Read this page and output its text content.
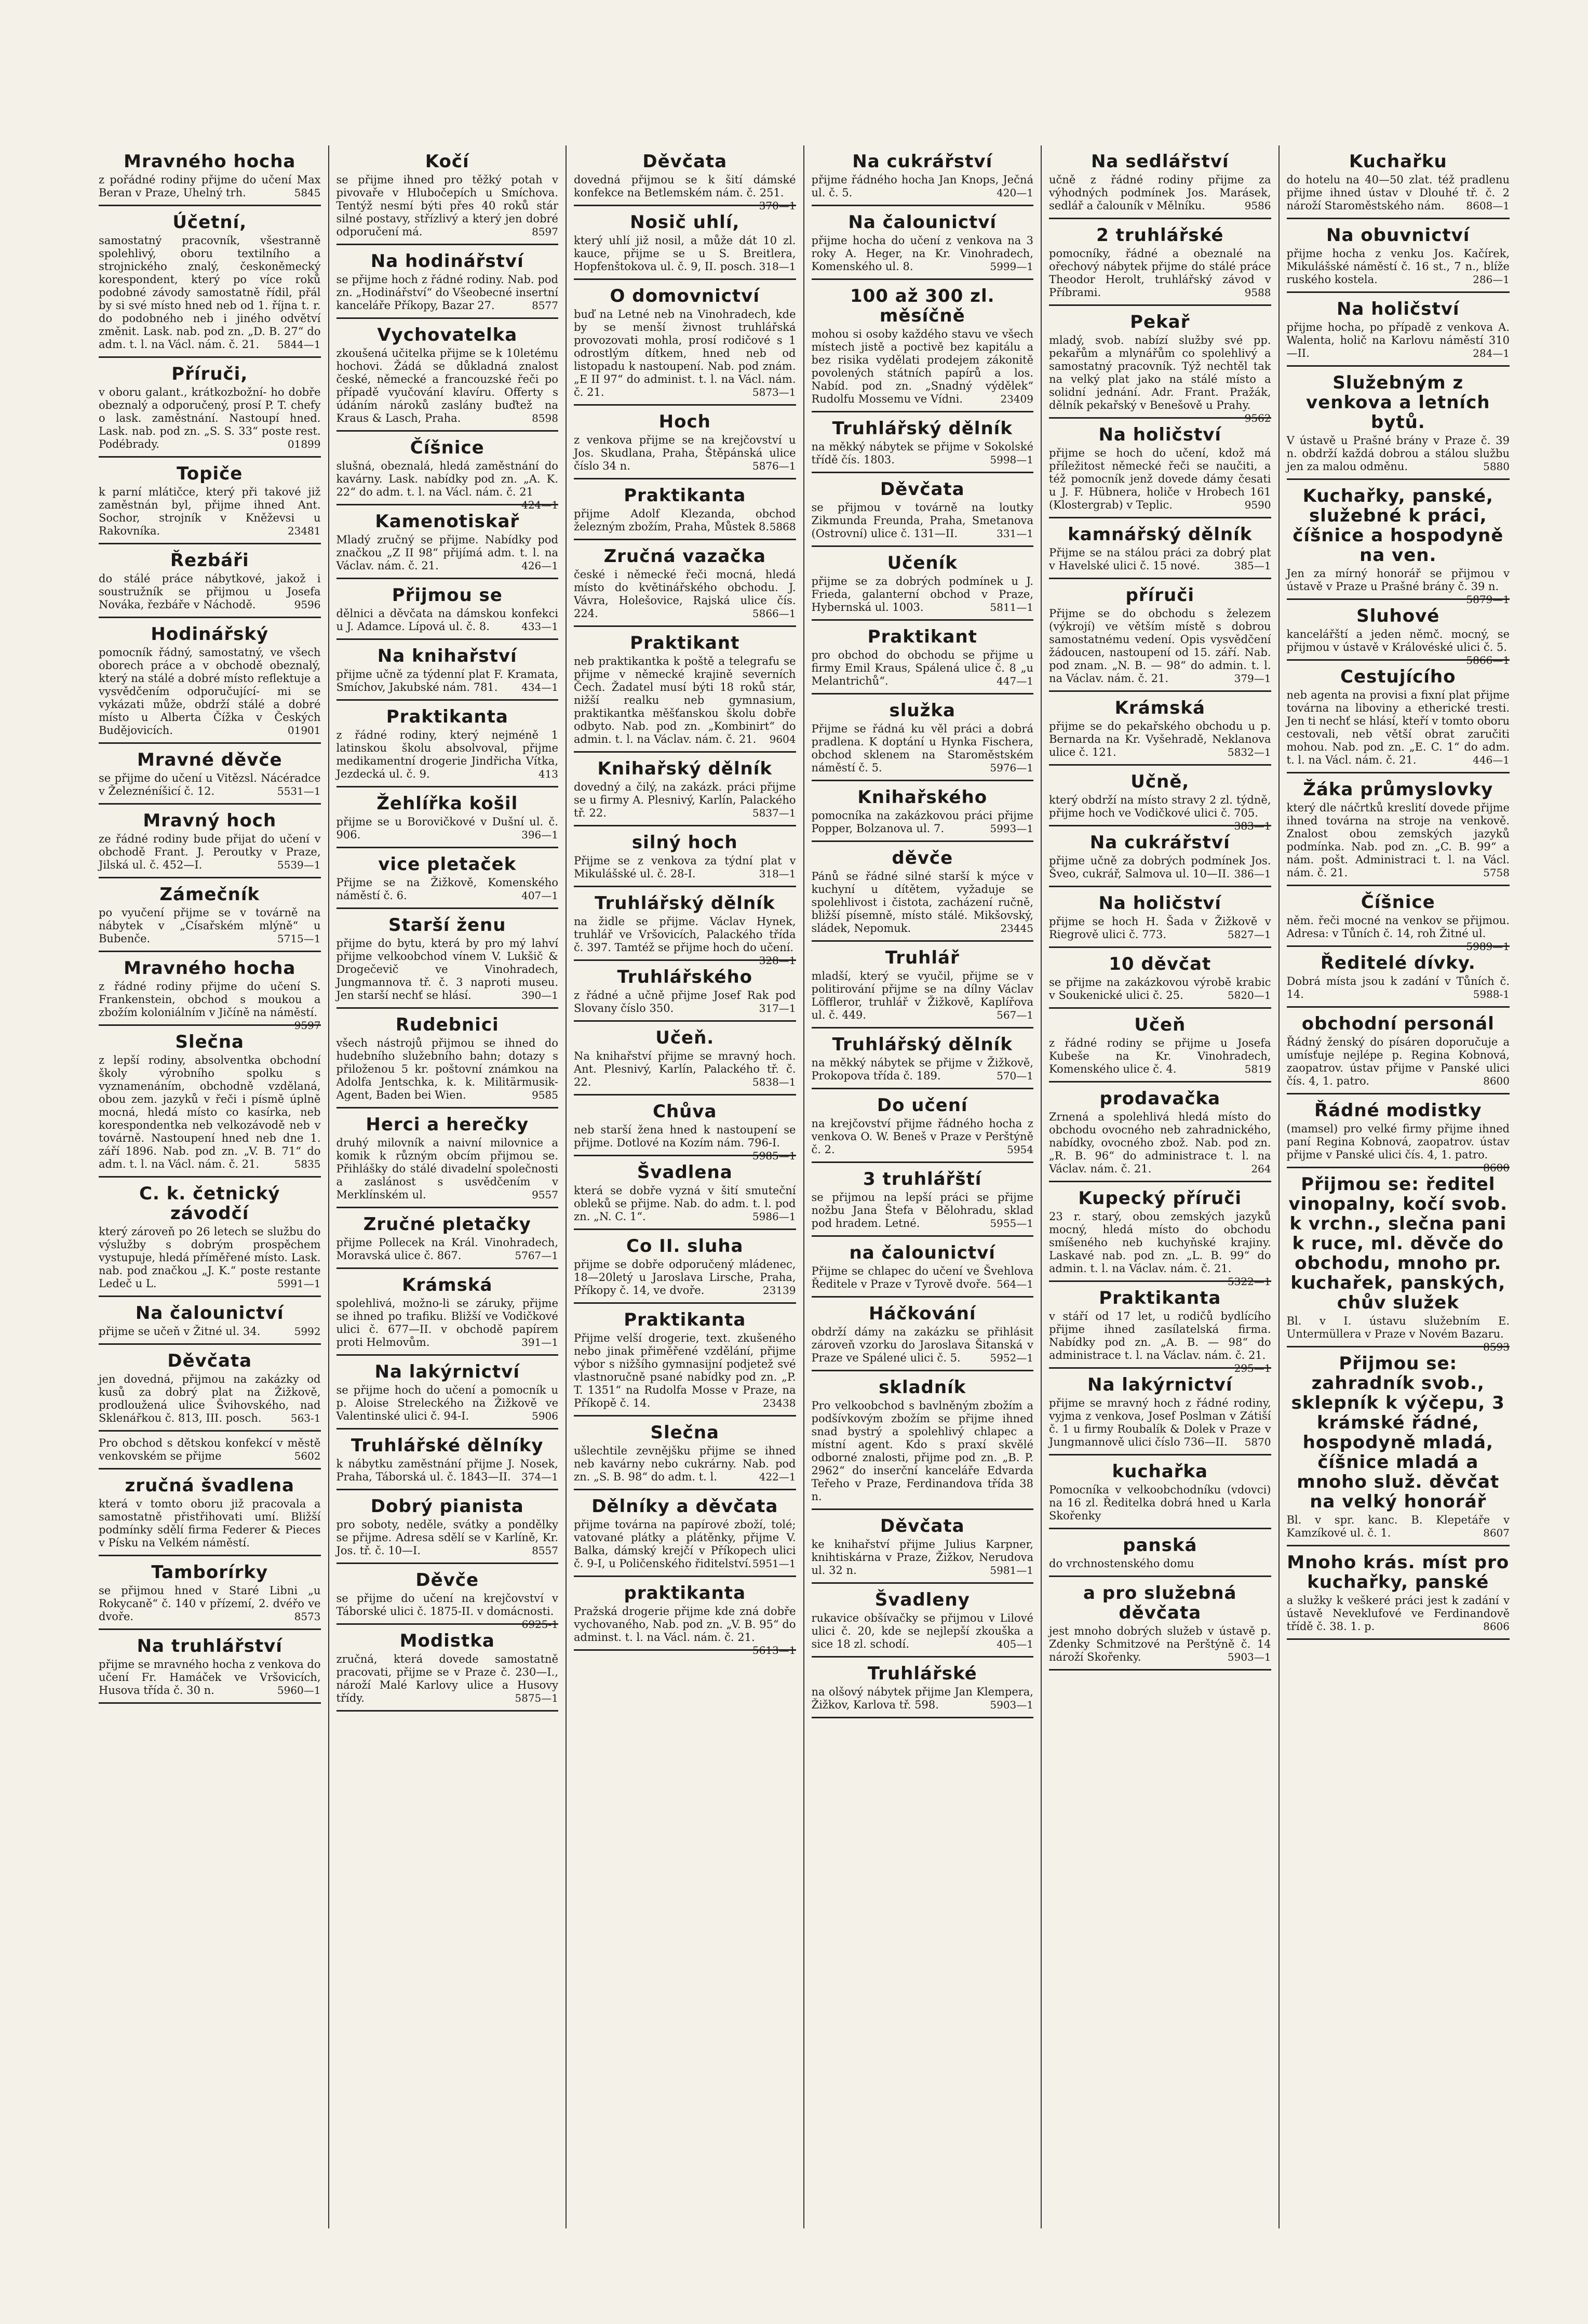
Mravného hocha

z pořádné rodiny přijme do učení Max Beran v Praze, Uhelný trh.	5845

Účetní,

samostatný pracovník, všestranně spolehlivý, oboru textilního a strojnického znalý, českoněmecký korespondent, který po více roků podobné závody samostatně řídil, přál by si své místo hned neb od 1. října t. r. do podobného neb i jiného odvětví změnit. Lask. nab. pod zn. „D. B. 27“ do adm. t. l. na Václ. nám. č. 21. 5844—1

Příruči,

v oboru galant., krátkozbožní- ho dobře obeznalý a odporučený, prosí P. T. chefy o lask. zaměstnání. Nastoupí hned. Lask. nab. pod zn. „S. S. 33“ poste rest. Podébrady.	01899

Topiče

k parní mlátičce, který při takové již zaměstnán byl, přijme ihned Ant. Sochor, strojník v Kněževsi u Rakovníka.	23481

Řezbáři

do stálé práce nábytkové, jakož i soustružník se přijmou u Josefa Nováka, řezbáře v Náchodě.	9596

Hodinářský

pomocník řádný, samostatný, ve všech oborech práce a v obchodě obeznalý, který na stálé a dobré místo reflektuje a vysvědčením odporučující- mi se vykázati může, obdrží stálé a dobré místo u Alberta Čížka v Českých Budějovicích.	01901

Mravné děvče

se přijme do učení u Vitězsl. Nácéradce v Železnéníšicí č. 12.	5531—1

Mravný hoch

ze řádné rodiny bude přijat do učení v obchodě Frant. J. Peroutky v Praze, Jilská ul. č. 452—I.	5539—1

Zámečník

po vyučení přijme se v továrně na nábytek v „Císařském mlýně“ u Bubenče.	5715—1

Mravného hocha

z řádné rodiny přijme do učení S. Frankenstein, obchod s moukou a zbožím koloniálním v Jičíně na náměstí.
9597

Slečna

z lepší rodiny, absolventka obchodní školy výrobního spolku s vyznamenáním, obchodně vzdělaná, obou zem. jazyků v řeči i písmě úplně mocná, hledá místo co kasírka, neb korespondentka neb velkozávodě neb v továrně. Nastoupení hned neb dne 1. září 1896. Nab. pod zn. „V. B. 71“ do adm. t. l. na Václ. nám. č. 21.	5835

C. k. četnický závodčí

který zároveň po 26 letech se službu do výslužby s dobrým prospěchem vystupuje, hledá příměřené místo. Lask. nab. pod značkou „J. K.“ poste restante Ledeč u L.	5991—1

Na čalounictví

přijme se učeň v Žitné ul. 34.	5992

Děvčata

jen dovedná, přijmou na zakázky od kusů za dobrý plat na Žižkově, prodloužená ulice Švihovského, nad Sklenářkou č. 813, III. posch.	563-1

Pro obchod s dětskou konfekcí v městě venkovském se přijme	5602

zručná švadlena

která v tomto oboru již pracovala a samostatně přistřihovati umí. Bližší podmínky sdělí firma Federer & Pieces v Písku na Velkém náměstí.

Tamborírky

se přijmou hned v Staré Libni „u Rokycaně“ č. 140 v přízemí, 2. dvéřo ve dvoře.	8573

Na truhlářství

přijme se mravného hocha z venkova do učení Fr. Hamáček ve Vršovicích, Husova třída č. 30 n.	5960—1

Kočí

se přijme ihned pro těžký potah v pivovaře v Hlubočepích u Smíchova. Tentýž nesmí býti přes 40 roků stár silné postavy, střízlivý a který jen dobré odporučení má.	8597

Na hodinářství

se přijme hoch z řádné rodiny. Nab. pod zn. „Hodinářství“ do Všeobecné insertní kanceláře Příkopy, Bazar 27.	8577

Vychovatelka

zkoušená učitelka přijme se k 10letému hochovi. Žádá se důkladná znalost české, německé a francouzské řeči po případě vyučování klavíru. Offerty s údáním nároků zaslány buďtež na Kraus & Lasch, Praha.	8598

Číšnice

slušná, obeznalá, hledá zaměstnání do kavárny. Lask. nabídky pod zn. „A. K. 22“ do adm. t. l. na Václ. nám. č. 21
424—1

Kamenotiskař

Mladý zručný se přijme. Nabídky pod značkou „Z II 98“ přijímá adm. t. l. na Václav. nám. č. 21.	426—1

Přijmou se

dělnici a děvčata na dámskou konfekci u J. Adamce. Lípová ul. č. 8.	433—1

Na knihařství

přijme učně za týdenní plat F. Kramata, Smíchov, Jakubské nám. 781. 434—1

Praktikanta

z řádné rodiny, který nejméně 1 latinskou školu absolvoval, přijme medikamentní drogerie Jindřicha Vítka, Jezdecká ul. č. 9.	413

Žehlířka košil

přijme se u Borovičkové v Dušní ul. č. 906.	396—1

vice pletaček

Přijme se na Žižkově, Komenského náměstí č. 6.	407—1

Starší ženu

přijme do bytu, která by pro mý lahví přijme velkoobchod vínem V. Lukšič & Drogečevič ve Vinohradech, Jungmannova tř. č. 3 naproti museu. Jen starší nechť se hlásí.	390—1

Rudebnici

všech nástrojů přijmou se ihned do hudebního služebního bahn; dotazy s přiloženou 5 kr. poštovní známkou na Adolfa Jentschka, k. k. Militärmusik-Agent, Baden bei Wien.	9585

Herci a herečky

druhý milovník a naivní milovnice a komik k různým obcím přijmou se. Přihlášky do stálé divadelní společnosti a zaslánost s usvědčením v Merklínském ul.	9557

Zručné pletačky

přijme Pollecek na Král. Vinohradech, Moravská ulice č. 867.	5767—1

Krámská

spolehlivá, možno-li se záruky, přijme se ihned po trafiku. Bližší ve Vodičkové ulici č. 677—II. v obchodě papírem proti Helmovům.	391—1

Na lakýrnictví

se přijme hoch do učení a pomocník u p. Aloise Streleckého na Žižkově ve Valentinské ulici č. 94-I.	5906

Truhlářské dělníky

k nábytku zaměstnání přijme J. Nosek, Praha, Táborská ul. č. 1843—II. 374—1

Dobrý pianista

pro soboty, neděle, svátky a pondělky se přijme. Adresa sdělí se v Karlíně, Kr. Jos. tř. č. 10—I.	8557

Děvče

se přijme do učení na krejčovství v Táborské ulici č. 1875-II. v domácnosti.
6925-1

Modistka

zručná, která dovede samostatně pracovati, přijme se v Praze č. 230—I., nároží Malé Karlovy ulice a Husovy třídy.	5875—1

Děvčata

dovedná přijmou se k šití dámské konfekce na Betlemském nám. č. 251.
370—1

Nosič uhlí,

který uhlí již nosil, a může dát 10 zl. kauce, přijme se u S. Breitlera, Hopfenštokova ul. č. 9, II. posch. 318—1

O domovnictví

buď na Letné neb na Vinohradech, kde by se menší živnost truhlářská provozovati mohla, prosí rodičové s 1 odrostlým dítkem, hned neb od listopadu k nastoupení. Nab. pod znám. „E II 97“ do administ. t. l. na Václ. nám. č. 21.	5873—1

Hoch

z venkova přijme se na krejčovství u Jos. Skudlana, Praha, Štěpánská ulice číslo 34 n.	5876—1

Praktikanta

přijme Adolf Klezanda, obchod železným zbožím, Praha, Můstek 8. 5868

Zručná vazačka

české i německé řeči mocná, hledá místo do květinářského obchodu. J. Vávra, Holešovice, Rajská ulice čís. 224.	5866—1

Praktikant

neb praktikantka k poště a telegrafu se přijme v německé krajině severních Čech. Žadatel musí býti 18 roků stár, nižší realku neb gymnasium, praktikantka měšťanskou školu dobře odbyto. Nab. pod zn. „Kombinirt“ do admin. t. l. na Václav. nám. č. 21. 9604

Knihařský dělník

dovedný a čilý, na zakázk. práci přijme se u firmy A. Plesnivý, Karlín, Palackého tř. 22.	5837—1

silný hoch

Přijme se z venkova za týdní plat v Mikulášské ul. č. 28-I.	318—1

Truhlářský dělník

na židle se přijme. Václav Hynek, truhlář ve Vršovicích, Palackého třída č. 397. Tamtéž se přijme hoch do učení.
328—1

Truhlářského

z řádné a učně přijme Josef Rak pod Slovany číslo 350.	317—1

Učeň.

Na knihařství přijme se mravný hoch. Ant. Plesnivý, Karlín, Palackého tř. č. 22.	5838—1

Chůva

neb starší žena hned k nastoupení se přijme. Dotlové na Kozím nám. 796-I.
5985—1

Švadlena

která se dobře vyzná v šití smuteční obleků se přijme. Nab. do adm. t. l. pod zn. „N. C. 1“.	5986—1

Co II. sluha

přijme se dobře odporučený mládenec, 18—20letý u Jaroslava Lirsche, Praha, Příkopy č. 14, ve dvoře.	23139

Praktikanta

Přijme velší drogerie, text. zkušeného nebo jinak přiměřené vzdělání, přijme výbor s nižšího gymnasijní podjetež své vlastnoručně psané nabídky pod zn. „P. T. 1351“ na Rudolfa Mosse v Praze, na Příkopě č. 14.	23438

Slečna

ušlechtile zevnějšku přijme se ihned neb kavárny nebo cukrárny. Nab. pod zn. „S. B. 98“ do adm. t. l.	422—1

Dělníky a děvčata

přijme továrna na papírové zboží, tolé; vatované plátky a plátěnky, přijme V. Balka, dámský krejčí v Příkopech ulici č. 9-I, u Poličenského řiditelství. 5951—1

praktikanta

Pražská drogerie přijme kde zná dobře vychovaného, Nab. pod zn. „V. B. 95“ do adminst. t. l. na Václ. nám. č. 21.
5613—1

Na cukrářství

přijme řádného hocha Jan Knops, Ječná ul. č. 5.	420—1

Na čalounictví

přijme hocha do učení z venkova na 3 roky A. Heger, na Kr. Vinohradech, Komenského ul. 8.	5999—1

100 až 300 zl. měsíčně

mohou si osoby každého stavu ve všech místech jistě a poctivě bez kapitálu a bez risika vydělati prodejem zákonitě povolených státních papírů a los. Nabíd. pod zn. „Snadný výdělek“ Rudolfu Mossemu ve Vídni.	23409

Truhlářský dělník

na měkký nábytek se přijme v Sokolské třídě čís. 1803.	5998—1

Děvčata

se přijmou v továrně na loutky Zikmunda Freunda, Praha, Smetanova (Ostrovní) ulice č. 131—II.	331—1

Učeník

přijme se za dobrých podmínek u J. Frieda, galanterní obchod v Praze, Hybernská ul. 1003.	5811—1

Praktikant

pro obchod do obchodu se přijme u firmy Emil Kraus, Spálená ulice č. 8 „u Melantrichů“.	447—1

služka

Přijme se řádná ku věl práci a dobrá pradlena. K doptání u Hynka Fischera, obchod sklenem na Staroměstském náměstí č. 5.	5976—1

Knihařského

pomocníka na zakázkovou práci přijme Popper, Bolzanova ul. 7.	5993—1

děvče

Pánů se řádné silné starší k mýce v kuchyní u dítětem, vyžaduje se spolehlivost i čistota, zacházení ručně, bližší písemně, místo stálé. Mikšovský, sládek, Nepomuk.	23445

Truhlář

mladší, který se vyučil, přijme se v politirování přijme se na dílny Václav Löffleror, truhlář v Žižkově, Kaplířova ul. č. 449.	567—1

Truhlářský dělník

na měkký nábytek se přijme v Žižkově, Prokopova třída č. 189.	570—1

Do učení

na krejčovství přijme řádného hocha z venkova O. W. Beneš v Praze v Perštýně č. 2.	5954

3 truhlářští

se přijmou na lepší práci se přijme nožbu Jana Štefa v Bělohradu, sklad pod hradem. Letné.	5955—1

na čalounictví

Přijme se chlapec do učení ve Švehlova Ředitele v Praze v Tyrově dvoře. 564—1

Háčkování

obdrží dámy na zakázku se přihlásit zároveň vzorku do Jaroslava Šitanská v Praze ve Spálené ulici č. 5.	5952—1

skladník

Pro velkoobchod s bavlněným zbožím a podšívkovým zbožím se přijme ihned snad bystrý a spolehlivý chlapec a místní agent. Kdo s praxí skvělé odborné znalosti, přijme pod zn. „B. P. 2962“ do inserční kanceláře Edvarda Teřeho v Praze, Ferdinandova třída 38 n.

Děvčata

ke knihařství přijme Julius Karpner, knihtiskárna v Praze, Žižkov, Nerudova ul. 32 n.	5981—1

Švadleny

rukavice obšívačky se přijmou v Lilové ulici č. 20, kde se nejlepší zkouška a sice 18 zl. schodí.	405—1

Truhlářské

na olšový nábytek přijme Jan Klempera, Žižkov, Karlova tř. 598.	5903—1

Na sedlářství

učně z řádné rodiny přijme za výhodných podmínek Jos. Marásek, sedlář a čalouník v Mělníku.	9586

2 truhlářské

pomocníky, řádné a obeznalé na ořechový nábytek přijme do stálé práce Theodor Herolt, truhlářský závod v Příbrami.	9588

Pekař

mladý, svob. nabízí služby své pp. pekařům a mlynářům co spolehlivý a samostatný pracovník. Týž nechtěl tak na velký plat jako na stálé místo a solidní jednání. Adr. Frant. Pražák, dělník pekařský v Benešově u Prahy.
9562

Na holičství

přijme se hoch do učení, kdož má příležitost německé řeči se naučiti, a též pomocník jenž dovede dámy česati u J. F. Hübnera, holiče v Hrobech 161 (Klostergrab) v Teplic.	9590

kamnářský dělník

Přijme se na stálou práci za dobrý plat v Havelské ulici č. 15 nové.	385—1

příruči

Přijme se do obchodu s železem (výkrojí) ve větším místě s dobrou samostatnému vedení. Opis vysvědčení žádoucen, nastoupení od 15. září. Nab. pod znam. „N. B. — 98“ do admin. t. l. na Václav. nám. č. 21.	379—1

Krámská

přijme se do pekařského obchodu u p. Bernarda na Kr. Vyšehradě, Neklanova ulice č. 121.	5832—1

Učně,

který obdrží na místo stravy 2 zl. týdně, přijme hoch ve Vodičkové ulici č. 705.
383—1

Na cukrářství

přijme učně za dobrých podmínek Jos. Šveo, cukrář, Salmova ul. 10—II. 386—1

Na holičství

přijme se hoch H. Šada v Žižkově v Riegrově ulici č. 773.	5827—1

10 děvčat

se přijme na zakázkovou výrobě krabic v Soukenické ulici č. 25.	5820—1

Učeň

z řádné rodiny se přijme u Josefa Kubeše na Kr. Vinohradech, Komenského ulice č. 4.	5819

prodavačka

Zrnená a spolehlivá hledá místo do obchodu ovocného neb zahradnického, nabídky, ovocného zbož. Nab. pod zn. „R. B. 96“ do administrace t. l. na Václav. nám. č. 21.	264

Kupecký příruči

23 r. starý, obou zemských jazyků mocný, hledá místo do obchodu smíšeného neb kuchyňské krajiny. Laskavé nab. pod zn. „L. B. 99“ do admin. t. l. na Václav. nám. č. 21.
5322—1

Praktikanta

v stáří od 17 let, u rodičů bydlícího přijme ihned zasílatelská firma. Nabídky pod zn. „A. B. — 98“ do administrace t. l. na Václav. nám. č. 21.
295—1

Na lakýrnictví

přijme se mravný hoch z řádné rodiny, vyjma z venkova, Josef Poslman v Zátiší č. 1 u firmy Roubalík & Dolek v Praze v Jungmannově ulici číslo 736—II. 5870

kuchařka

Pomocníka v velkoobchodníku (vdovci) na 16 zl. Ředitelka dobrá hned u Karla Skořenky

panská

do vrchnostenského domu

a pro služebná děvčata

jest mnoho dobrých služeb v ústavě p. Zdenky Schmitzové na Perštýně č. 14 nároží Skořenky.	5903—1

Kuchařku

do hotelu na 40—50 zlat. též pradlenu přijme ihned ústav v Dlouhé tř. č. 2 nároží Staroměstského nám. 8608—1

Na obuvnictví

přijme hocha z venku Jos. Kačírek, Mikulášské náměstí č. 16 st., 7 n., blíže ruského kostela.	286—1

Na holičství

přijme hocha, po případě z venkova A. Walenta, holič na Karlovu náměstí 310—II.	284—1

Služebným z venkova a letních bytů.

V ústavě u Prašné brány v Praze č. 39 n. obdrží každá dobrou a stálou službu jen za malou odměnu.	5880

Kuchařky, panské, služebné k práci, číšnice a hospodyně na ven.

Jen za mírný honorář se přijmou v ústavě v Praze u Prašné brány č. 39 n.
5879—1

Sluhové

kancelářští a jeden němč. mocný, se přijmou v ústavě v Královéské ulici č. 5.
5866—1

Cestujícího

neb agenta na provisi a fixní plat přijme továrna na liboviny a etherické tresti. Jen ti nechť se hlásí, kteří v tomto oboru cestovali, neb větší obrat zaručiti mohou. Nab. pod zn. „E. C. 1“ do adm. t. l. na Václ. nám. č. 21.	446—1

Žáka průmyslovky

který dle náčrtků kreslití dovede přijme ihned továrna na stroje na venkově. Znalost obou zemských jazyků podmínka. Nab. pod zn. „C. B. 99“ a nám. pošt. Administraci t. l. na Václ. nám. č. 21.	5758

Číšnice

něm. řeči mocné na venkov se přijmou. Adresa: v Tůních č. 14, roh Žitné ul.
5989—1

Ředitelé dívky.

Dobrá místa jsou k zadání v Tůních č. 14.	5988-1

obchodní personál

Řádný ženský do písáren doporučuje a umísťuje nejlépe p. Regina Kobnová, zaopatrov. ústav přijme v Panské ulici čís. 4, 1. patro.	8600

Řádné modistky

(mamsel) pro velké firmy přijme ihned paní Regina Kobnová, zaopatrov. ústav přijme v Panské ulici čís. 4, 1. patro.
8600

Přijmou se: ředitel vinopalny, kočí svob. k vrchn., slečna pani k ruce, ml. děvče do obchodu, mnoho pr. kuchařek, panských, chův služek

Bl. v I. ústavu služebním E. Untermüllera v Praze v Novém Bazaru.
8593

Přijmou se: zahradník svob., sklepník k výčepu, 3 krámské řádné, hospodyně mladá, číšnice mladá a mnoho služ. děvčat na velký honorář

Bl. v spr. kanc. B. Klepetáře v Kamzíkové ul. č. 1.	8607

Mnoho krás. míst pro kuchařky, panské

a služky k veškeré práci jest k zadání v ústavě Neveklufové ve Ferdinandově třídě č. 38. 1. p.	8606
